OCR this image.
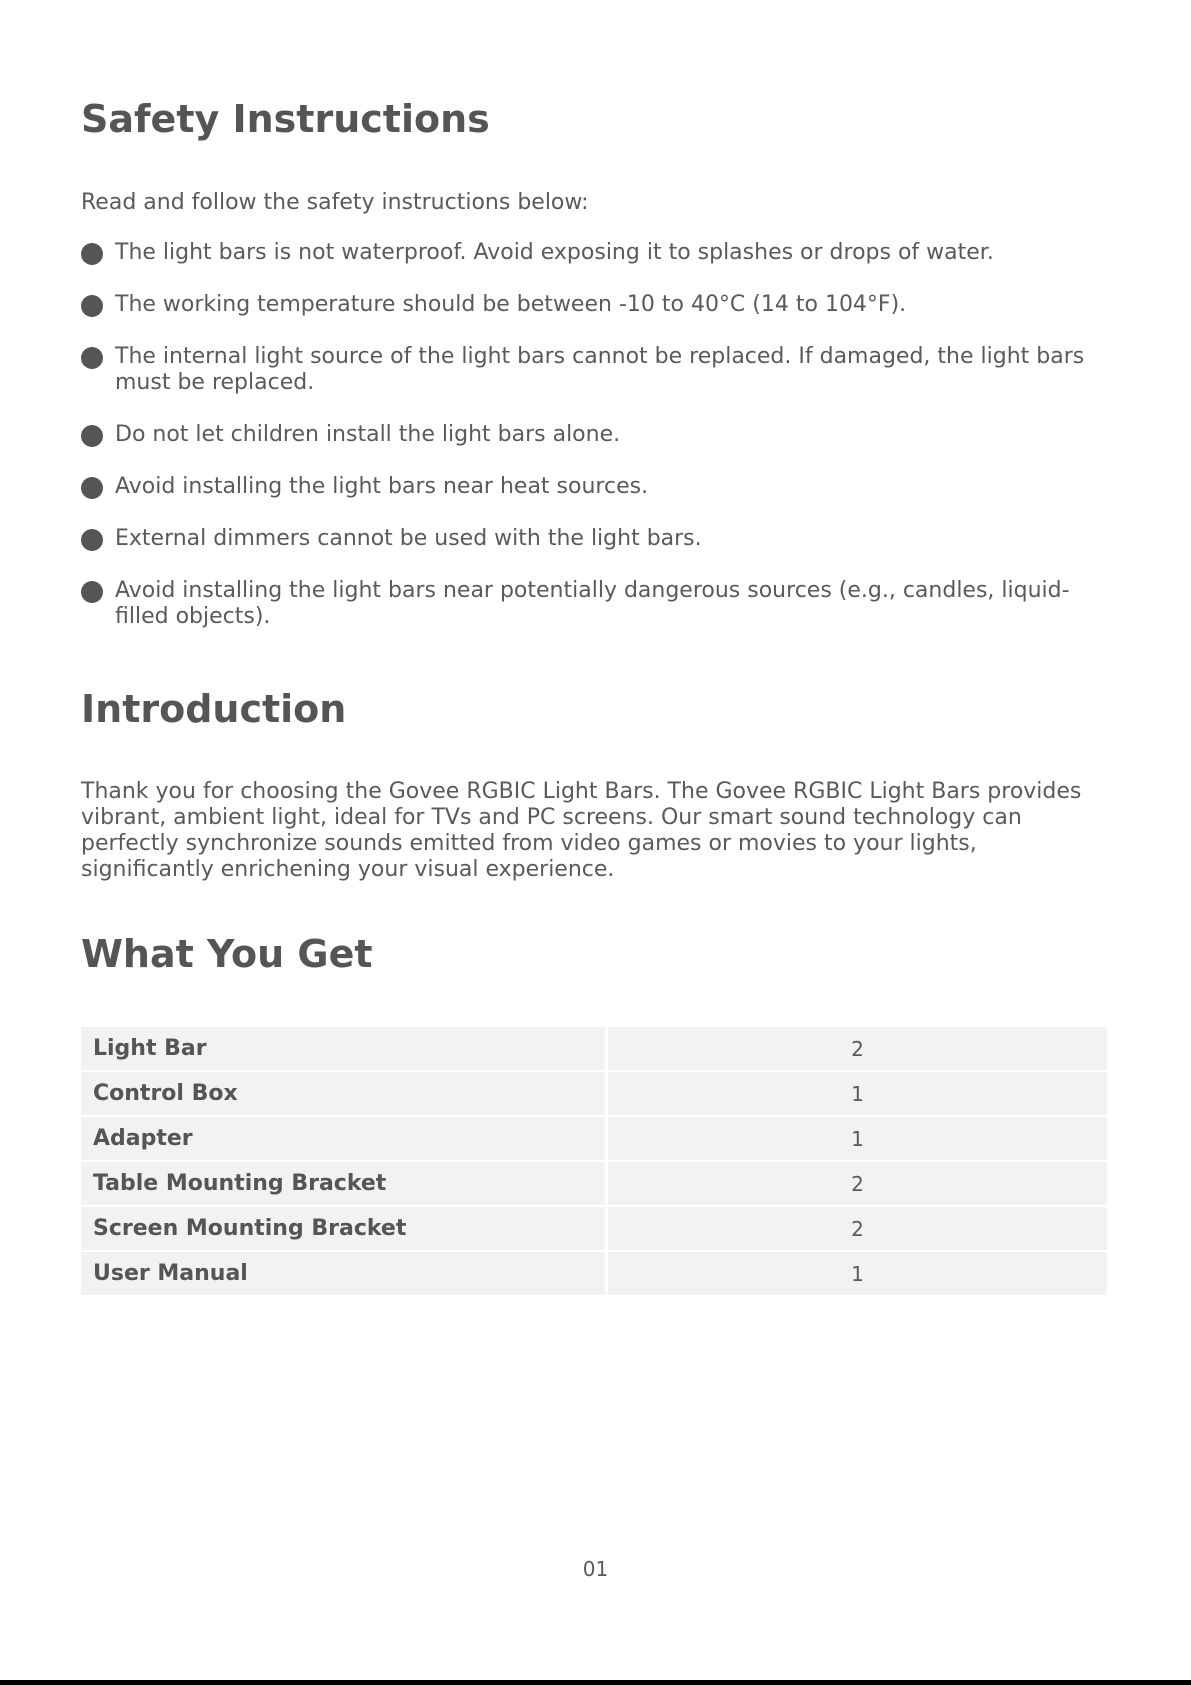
Safety Instructions
Read and follow the safety instructions below:
The light bars is not waterproof. Avoid exposing it to splashes or drops of water.
The working temperature should be between -10 to 40°C (14 to 104°F).
The internal light source of the light bars cannot be replaced. If damaged, the light bars must be replaced.
Do not let children install the light bars alone.
Avoid installing the light bars near heat sources.
External dimmers cannot be used with the light bars.
Avoid installing the light bars near potentially dangerous sources (e.g., candles, liquid-filled objects).
Introduction

Thank you for choosing the Govee RGBIC Light Bars. The Govee RGBIC Light Bars provides vibrant, ambient light, ideal for TVs and PC screens. Our smart sound technology can perfectly synchronize sounds emitted from video games or movies to your lights, significantly enrichening your visual experience.

What You Get
Light Bar	2
Control Box	1
Adapter	1
Table Mounting Bracket	2
Screen Mounting Bracket	2
User Manual	1
01
